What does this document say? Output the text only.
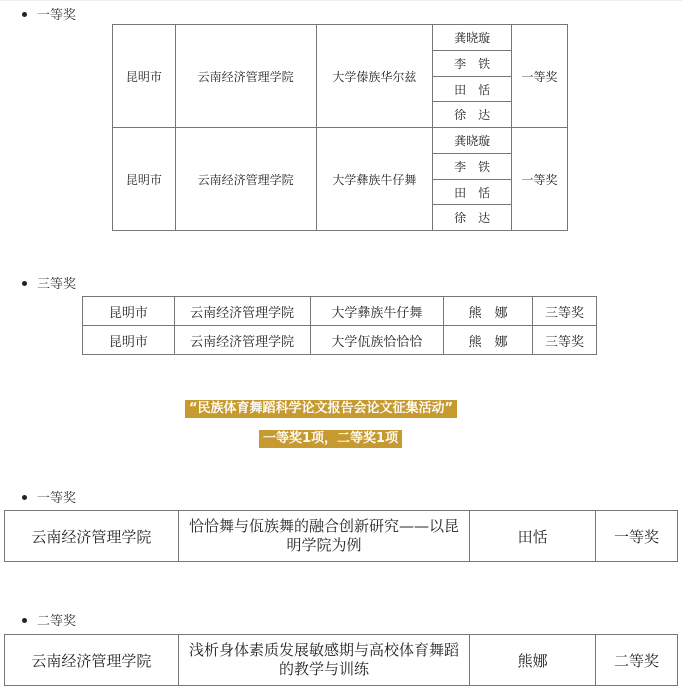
一等奖
昆明市	云南经济管理学院	大学傣族华尔兹	龚晓璇	一等奖
			李　铁	
			田　恬	
			徐　达	
昆明市	云南经济管理学院	大学彝族牛仔舞	龚晓璇	一等奖
			李　铁	
			田　恬	
			徐　达	
三等奖
昆明市	云南经济管理学院	大学彝族牛仔舞	熊　娜	三等奖
昆明市	云南经济管理学院	大学佤族恰恰恰	熊　娜	三等奖
“民族体育舞蹈科学论文报告会论文征集活动”
一等奖1项，二等奖1项
一等奖
云南经济管理学院	恰恰舞与佤族舞的融合创新研究——以昆明学院为例	田恬	一等奖
二等奖
云南经济管理学院	浅析身体素质发展敏感期与高校体育舞蹈的教学与训练	熊娜	二等奖
